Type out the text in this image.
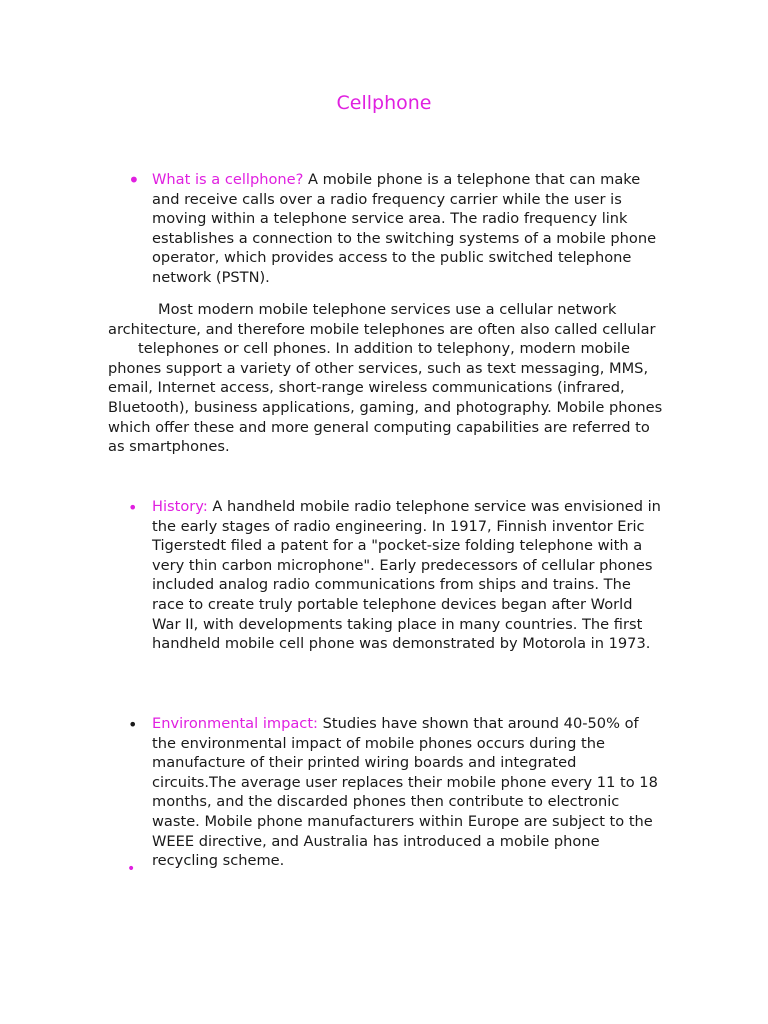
Cellphone
• What is a cellphone? A mobile phone is a telephone that can make and receive calls over a radio frequency carrier while the user is moving within a telephone service area. The radio frequency link establishes a connection to the switching systems of a mobile phone operator, which provides access to the public switched telephone network (PSTN).

Most modern mobile telephone services use a cellular network architecture, and therefore mobile telephones are often also called cellulartelephones or cell phones. In addition to telephony, modern mobile phones support a variety of other services, such as text messaging, MMS, email, Internet access, short-range wireless communications (infrared, Bluetooth), business applications, gaming, and photography. Mobile phones which offer these and more general computing capabilities are referred to as smartphones.

• History: A handheld mobile radio telephone service was envisioned in the early stages of radio engineering. In 1917, Finnish inventor Eric Tigerstedt filed a patent for a "pocket-size folding telephone with a very thin carbon microphone". Early predecessors of cellular phones included analog radio communications from ships and trains. The race to create truly portable telephone devices began after World War II, with developments taking place in many countries. The first handheld mobile cell phone was demonstrated by Motorola in 1973.

• Environmental impact: Studies have shown that around 40-50% of the environmental impact of mobile phones occurs during the manufacture of their printed wiring boards and integrated circuits.The average user replaces their mobile phone every 11 to 18 months, and the discarded phones then contribute to electronic waste. Mobile phone manufacturers within Europe are subject to the WEEE directive, and Australia has introduced a mobile phone recycling scheme.

•
